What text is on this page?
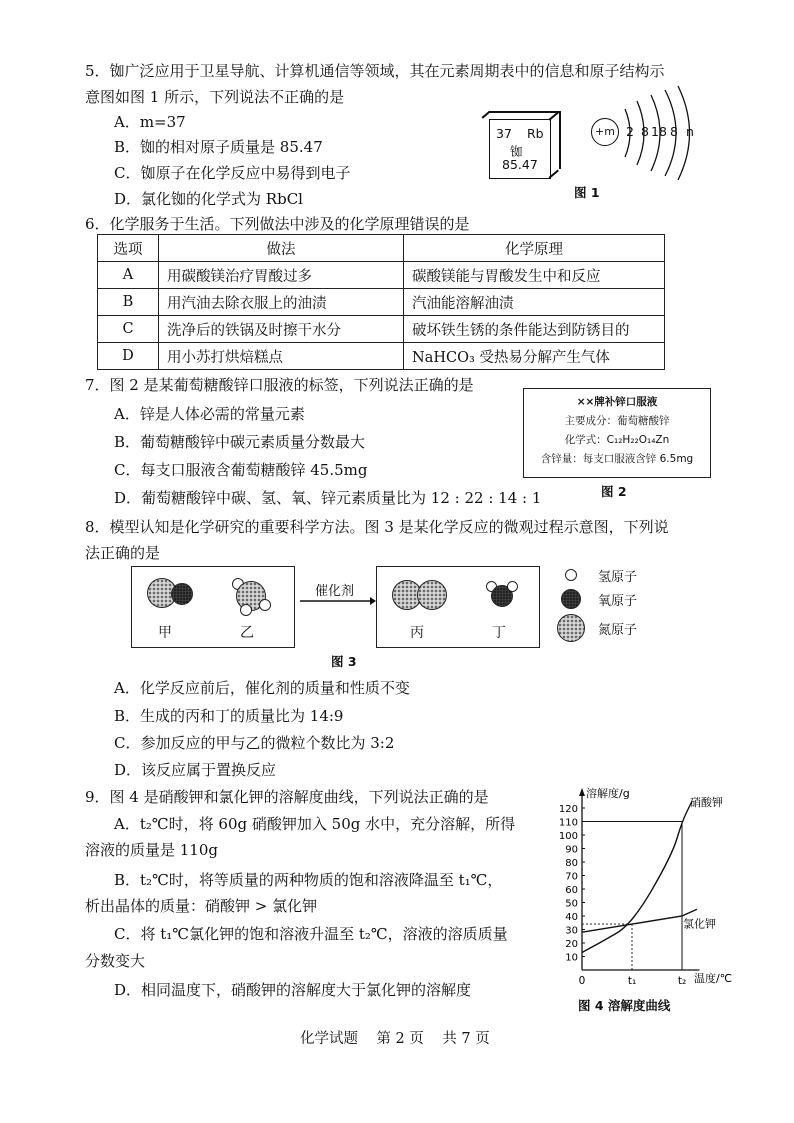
5．铷广泛应用于卫星导航、计算机通信等领域，其在元素周期表中的信息和原子结构示
意图如图 1 所示，下列说法不正确的是
A．m=37
B．铷的相对原子质量是 85.47
C．铷原子在化学反应中易得到电子
D．氯化铷的化学式为 RbCl
37 Rb
铷
85.47
+m 2 8 18 8 n
图 1
6．化学服务于生活。下列做法中涉及的化学原理错误的是
选项	做法	化学原理
A	用碳酸镁治疗胃酸过多	碳酸镁能与胃酸发生中和反应
B	用汽油去除衣服上的油渍	汽油能溶解油渍
C	洗净后的铁锅及时擦干水分	破坏铁生锈的条件能达到防锈目的
D	用小苏打烘焙糕点	NaHCO₃ 受热易分解产生气体
7．图 2 是某葡萄糖酸锌口服液的标签，下列说法正确的是
A．锌是人体必需的常量元素
B．葡萄糖酸锌中碳元素质量分数最大
C．每支口服液含葡萄糖酸锌 45.5mg
D．葡萄糖酸锌中碳、氢、氧、锌元素质量比为 12 : 22 : 14 : 1
××牌补锌口服液
主要成分：葡萄糖酸锌
化学式：C₁₂H₂₂O₁₄Zn
含锌量：每支口服液含锌 6.5mg
图 2
8．模型认知是化学研究的重要科学方法。图 3 是某化学反应的微观过程示意图，下列说
法正确的是
甲	乙
催化剂
丙	丁
氢原子
氧原子
氮原子
图 3
A．化学反应前后，催化剂的质量和性质不变
B．生成的丙和丁的质量比为 14:9
C．参加反应的甲与乙的微粒个数比为 3:2
D．该反应属于置换反应
9．图 4 是硝酸钾和氯化钾的溶解度曲线，下列说法正确的是
A．t₂℃时，将 60g 硝酸钾加入 50g 水中，充分溶解，所得
溶液的质量是 110g
B．t₂℃时，将等质量的两种物质的饱和溶液降温至 t₁℃，
析出晶体的质量：硝酸钾 > 氯化钾
C．将 t₁℃氯化钾的饱和溶液升温至 t₂℃，溶液的溶质质量
分数变大
D．相同温度下，硝酸钾的溶解度大于氯化钾的溶解度
10
20
30
40
50
60
70
80
90
100
110
120
0	t₁	t₂
溶解度/g
温度/℃
硝酸钾
氯化钾
图 4 溶解度曲线
化学试题    第 2 页    共 7 页
